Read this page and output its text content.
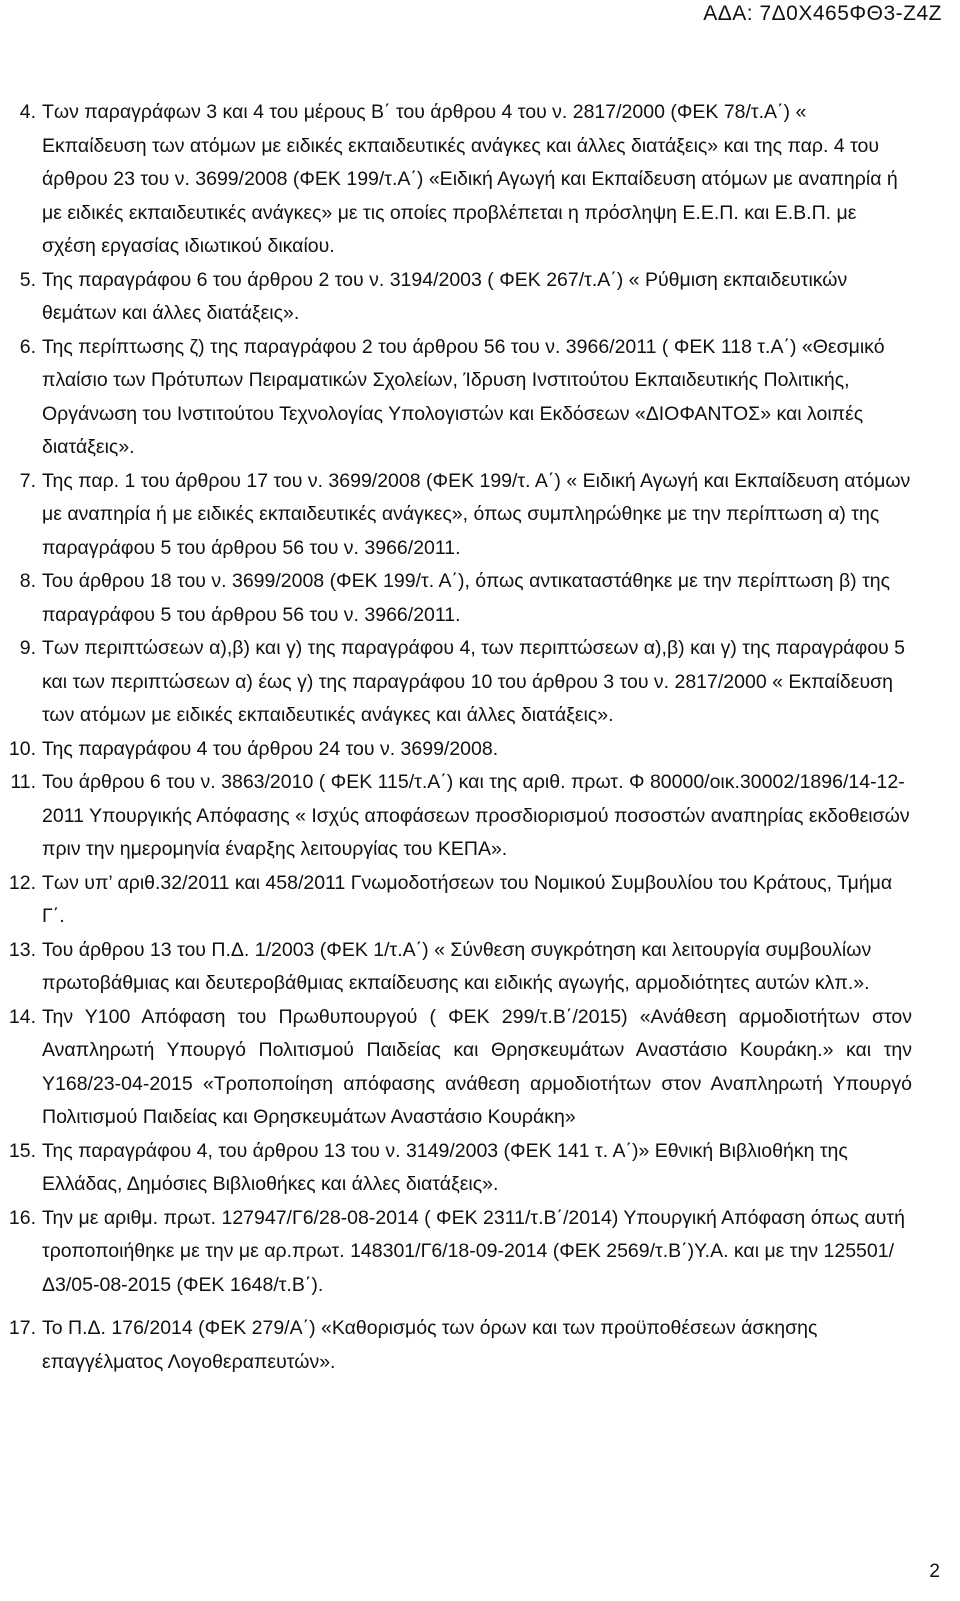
ΑΔΑ: 7Δ0Χ465ΦΘ3-Ζ4Ζ
4. Των παραγράφων 3 και 4 του μέρους Β΄ του άρθρου 4 του ν. 2817/2000 (ΦΕΚ 78/τ.Α΄) « Εκπαίδευση των ατόμων με ειδικές εκπαιδευτικές ανάγκες και άλλες διατάξεις» και της παρ. 4 του άρθρου 23 του ν. 3699/2008 (ΦΕΚ 199/τ.Α΄) «Ειδική Αγωγή και Εκπαίδευση ατόμων με αναπηρία ή με ειδικές εκπαιδευτικές ανάγκες» με τις οποίες προβλέπεται η πρόσληψη Ε.Ε.Π. και Ε.Β.Π. με σχέση εργασίας ιδιωτικού δικαίου.
5. Της παραγράφου 6 του άρθρου 2 του ν. 3194/2003 ( ΦΕΚ 267/τ.Α΄) « Ρύθμιση εκπαιδευτικών θεμάτων και άλλες διατάξεις».
6. Της περίπτωσης ζ) της παραγράφου 2 του άρθρου 56 του ν. 3966/2011 ( ΦΕΚ 118 τ.Α΄) «Θεσμικό πλαίσιο των Πρότυπων Πειραματικών Σχολείων, Ίδρυση Ινστιτούτου Εκπαιδευτικής Πολιτικής, Οργάνωση του Ινστιτούτου Τεχνολογίας Υπολογιστών και Εκδόσεων «ΔΙΟΦΑΝΤΟΣ» και λοιπές διατάξεις».
7. Της παρ. 1 του άρθρου 17 του ν. 3699/2008 (ΦΕΚ 199/τ. Α΄) « Ειδική Αγωγή και Εκπαίδευση ατόμων με αναπηρία ή με ειδικές εκπαιδευτικές ανάγκες», όπως συμπληρώθηκε με την περίπτωση α) της παραγράφου 5 του άρθρου 56 του ν. 3966/2011.
8. Του άρθρου 18 του ν. 3699/2008 (ΦΕΚ 199/τ. Α΄), όπως αντικαταστάθηκε με την περίπτωση β) της παραγράφου 5 του άρθρου 56 του ν. 3966/2011.
9. Των περιπτώσεων α),β) και γ) της παραγράφου 4, των περιπτώσεων α),β) και γ) της παραγράφου 5 και των περιπτώσεων α) έως γ) της παραγράφου 10 του άρθρου 3 του ν. 2817/2000 « Εκπαίδευση των ατόμων με ειδικές εκπαιδευτικές ανάγκες και άλλες διατάξεις».
10. Της παραγράφου 4 του άρθρου 24 του ν. 3699/2008.
11. Του άρθρου 6 του ν. 3863/2010 ( ΦΕΚ 115/τ.Α΄) και της αριθ. πρωτ. Φ 80000/οικ.30002/1896/14-12-2011 Υπουργικής Απόφασης « Ισχύς αποφάσεων προσδιορισμού ποσοστών αναπηρίας εκδοθεισών πριν την ημερομηνία έναρξης λειτουργίας του ΚΕΠΑ».
12. Των υπ’ αριθ.32/2011 και 458/2011 Γνωμοδοτήσεων του Νομικού Συμβουλίου του Κράτους, Τμήμα Γ΄.
13. Του άρθρου 13 του Π.Δ. 1/2003 (ΦΕΚ 1/τ.Α΄) « Σύνθεση συγκρότηση και λειτουργία συμβουλίων πρωτοβάθμιας και δευτεροβάθμιας εκπαίδευσης και ειδικής αγωγής, αρμοδιότητες αυτών κλπ.».
14. Την Υ100 Απόφαση του Πρωθυπουργού ( ΦΕΚ 299/τ.Β΄/2015) «Ανάθεση αρμοδιοτήτων στον Αναπληρωτή Υπουργό Πολιτισμού Παιδείας και Θρησκευμάτων Αναστάσιο Κουράκη.» και την Υ168/23-04-2015 «Τροποποίηση απόφασης ανάθεση αρμοδιοτήτων στον Αναπληρωτή Υπουργό Πολιτισμού Παιδείας και Θρησκευμάτων Αναστάσιο Κουράκη»
15. Της παραγράφου 4, του άρθρου 13 του ν. 3149/2003 (ΦΕΚ 141 τ. Α΄)» Εθνική Βιβλιοθήκη της Ελλάδας, Δημόσιες Βιβλιοθήκες και άλλες διατάξεις».
16. Την με αριθμ. πρωτ. 127947/Γ6/28-08-2014 ( ΦΕΚ 2311/τ.Β΄/2014) Υπουργική Απόφαση όπως αυτή τροποποιήθηκε με την με αρ.πρωτ. 148301/Γ6/18-09-2014 (ΦΕΚ 2569/τ.Β΄)Υ.Α. και με την 125501/Δ3/05-08-2015 (ΦΕΚ 1648/τ.Β΄).
17. Το Π.Δ. 176/2014 (ΦΕΚ 279/Α΄) «Καθορισμός των όρων και των προϋποθέσεων άσκησης επαγγέλματος Λογοθεραπευτών».
2
